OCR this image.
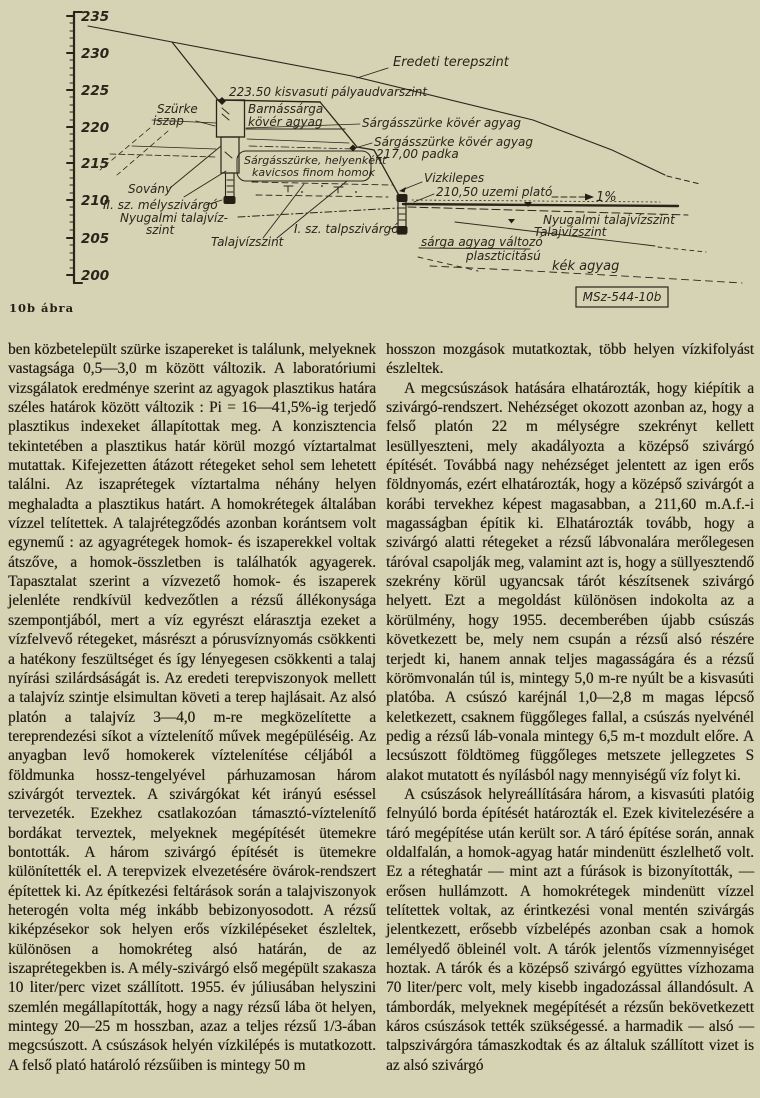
235
230
225
220
215
210
205
200
Eredeti terepszint
223.50 kisvasuti pályaudvarszint
Szürke
iszap
Barnássárga
kövér agyag	Sárgásszürke kövér agyag
Sárgásszürke kövér agyag
217,00 padka
Sárgásszürke, helyenként
kavicsos finom homok	Vizkilepes
210,50 uzemi plató	1%
Sovány
II. sz. mélyszivárgó
Nyugalmi talajvíz-
szint
Talajvízszint
I. sz. talpszivárgó
Nyugalmi talajvízszint
Talajvízszint
sárga agyag változó
plaszticitású
kék agyag
MSz-544-10b
10b ábra

ben közbetelepült szürke iszapereket is találunk, melyeknek vastagsága 0,5—3,0 m között változik. A laboratóriumi vizsgálatok eredménye szerint az agyagok plasztikus határa széles határok között változik : Pi = 16—41,5%-ig terjedő plasztikus indexeket állapítottak meg. A konzisztencia tekintetében a plasztikus határ körül mozgó víztartalmat mutattak. Kifejezetten átázott rétegeket sehol sem lehetett találni. Az iszaprétegek víztartalma néhány helyen meghaladta a plasztikus határt. A homokrétegek általában vízzel telítettek. A talajrétegződés azonban korántsem volt egynemű : az agyagrétegek homok- és iszaperekkel voltak átszőve, a homok-összletben is találhatók agyagerek. Tapasztalat szerint a vízvezető homok- és iszaperek jelenléte rendkívül kedvezőtlen a rézsű állékonysága szempontjából, mert a víz egyrészt elárasztja ezeket a vízfelvevő rétegeket, másrészt a pórusvíznyomás csökkenti a hatékony feszültséget és így lényegesen csökkenti a talaj nyírási szilárdsáságát is. Az eredeti terepviszonyok mellett a talajvíz szintje elsimultan követi a terep hajlásait. Az alsó platón a talajvíz 3—4,0 m-re megközelítette a tereprendezési síkot a víztelenítő művek megépüléséig. Az anyagban levő homokerek víztelenítése céljából a földmunka hossz-tengelyével párhuzamosan három szivárgót terveztek. A szivárgókat két irányú eséssel tervezeték. Ezekhez csatlakozóan támasztó-víztelenítő bordákat terveztek, melyeknek megépítését ütemekre bontották. A három szivárgó építését is ütemekre különítették el. A terepvizek elvezetésére övárok-rendszert építettek ki. Az építkezési feltárások során a talajviszonyok heterogén volta még inkább bebizonyosodott. A rézsű kiképzésekor sok helyen erős vízkilépéseket észleltek, különösen a homokréteg alsó határán, de az iszaprétegekben is. A mély-szivárgó első megépült szakasza 10 liter/perc vizet szállított. 1955. év júliusában helyszini szemlén megállapították, hogy a nagy rézsű lába öt helyen, mintegy 20—25 m hosszban, azaz a teljes rézsű 1/3-ában megcsúszott. A csúszások helyén vízkilépés is mutatkozott. A felső plató határoló rézsűiben is mintegy 50 m

hosszon mozgások mutatkoztak, több helyen vízkifolyást észleltek.

A megcsúszások hatására elhatározták, hogy kiépítik a szivárgó-rendszert. Nehézséget okozott azonban az, hogy a felső platón 22 m mélységre szekrényt kellett lesüllyeszteni, mely akadályozta a középső szivárgó építését. Továbbá nagy nehézséget jelentett az igen erős földnyomás, ezért elhatározták, hogy a középső szivárgót a korábi tervekhez képest magasabban, a 211,60 m.A.f.-i magasságban építik ki. Elhatározták tovább, hogy a szivárgó alatti rétegeket a rézsű lábvonalára merőlegesen táróval csapolják meg, valamint azt is, hogy a süllyesztendő szekrény körül ugyancsak tárót készítsenek szivárgó helyett. Ezt a megoldást különösen indokolta az a körülmény, hogy 1955. decemberében újabb csúszás következett be, mely nem csupán a rézsű alsó részére terjedt ki, hanem annak teljes magasságára és a rézsű körömvonalán túl is, mintegy 5,0 m-re nyúlt be a kisvasúti platóba. A csúszó karéjnál 1,0—2,8 m magas lépcső keletkezett, csaknem függőleges fallal, a csúszás nyelvénél pedig a rézsű láb-vonala mintegy 6,5 m-t mozdult előre. A lecsúszott földtömeg függőleges metszete jellegzetes S alakot mutatott és nyílásból nagy mennyiségű víz folyt ki.

A csúszások helyreállítására három, a kisvasúti platóig felnyúló borda építését határozták el. Ezek kivitelezésére a táró megépítése után került sor. A táró építése során, annak oldalfalán, a homok-agyag határ mindenütt észlelhető volt. Ez a réteghatár — mint azt a fúrások is bizonyították, — erősen hullámzott. A homokrétegek mindenütt vízzel telítettek voltak, az érintkezési vonal mentén szivárgás jelentkezett, erősebb vízbelépés azonban csak a homok lemélyedő öbleinél volt. A tárók jelentős vízmennyiséget hoztak. A tárók és a középső szivárgó együttes vízhozama 70 liter/perc volt, mely kisebb ingadozással állandósult. A támbordák, melyeknek megépítését a rézsűn bekövetkezett káros csúszások tették szükségessé. a harmadik — alsó — talpszivárgóra támaszkodtak és az általuk szállított vizet is az alsó szivárgó
